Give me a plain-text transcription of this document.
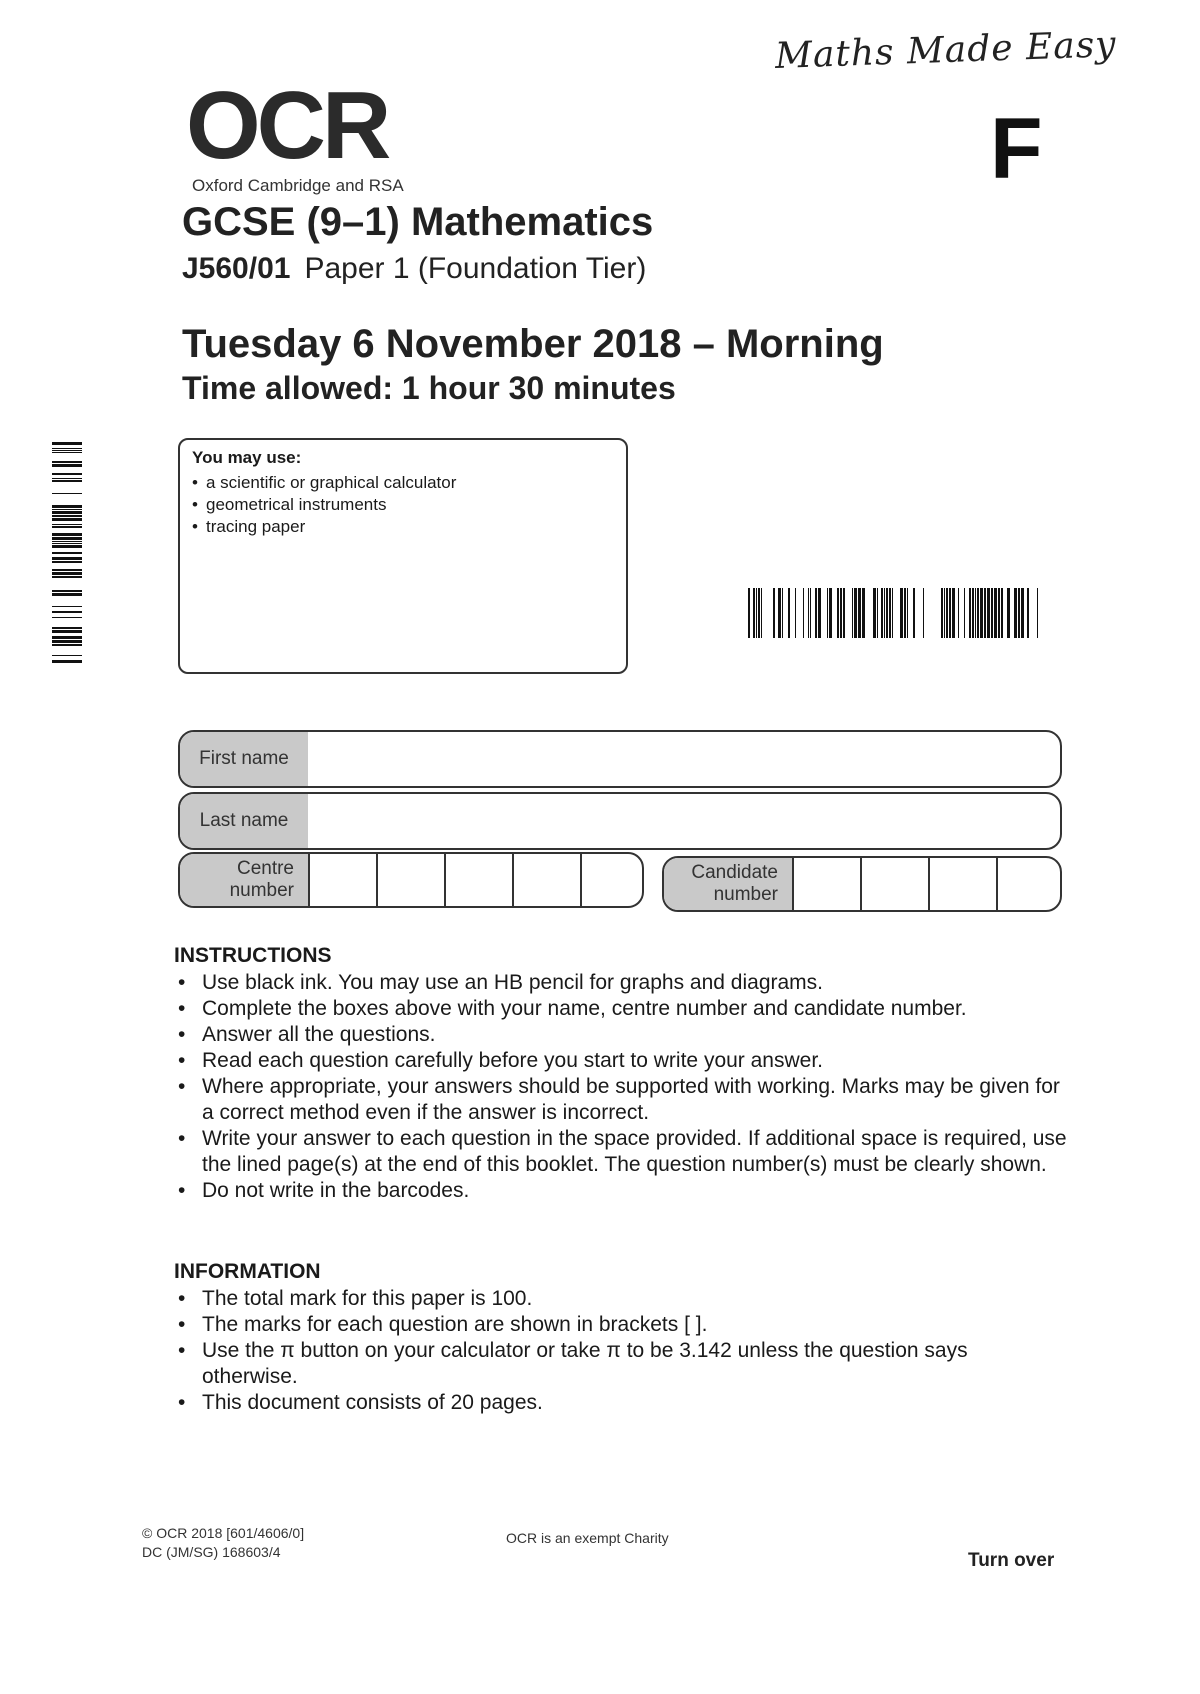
Maths Made Easy
F
OCR
Oxford Cambridge and RSA
GCSE (9–1) Mathematics
J560/01 Paper 1 (Foundation Tier)
Tuesday 6 November 2018 – Morning
Time allowed: 1 hour 30 minutes
You may use:
• a scientific or graphical calculator
• geometrical instruments
• tracing paper
First name
Last name
Centre
number
Candidate
number
INSTRUCTIONS
• Use black ink. You may use an HB pencil for graphs and diagrams.
• Complete the boxes above with your name, centre number and candidate number.
• Answer all the questions.
• Read each question carefully before you start to write your answer.
• Where appropriate, your answers should be supported with working. Marks may be given for a correct method even if the answer is incorrect.
• Write your answer to each question in the space provided. If additional space is required, use the lined page(s) at the end of this booklet. The question number(s) must be clearly shown.
• Do not write in the barcodes.
INFORMATION
• The total mark for this paper is 100.
• The marks for each question are shown in brackets [ ].
• Use the π button on your calculator or take π to be 3.142 unless the question says otherwise.
• This document consists of 20 pages.
© OCR 2018 [601/4606/0]
DC (JM/SG) 168603/4
OCR is an exempt Charity
Turn over
